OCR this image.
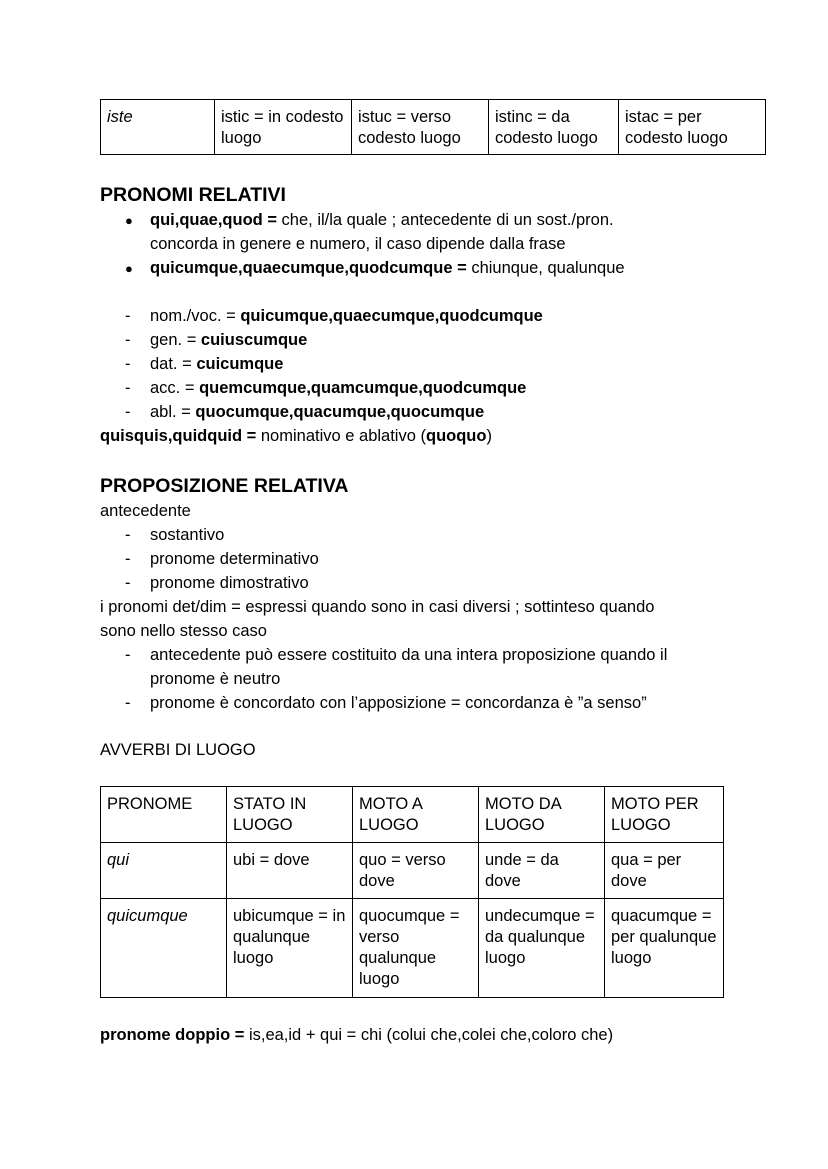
iste	istic = in codesto luogo	istuc = verso codesto luogo	istinc = da codesto luogo	istac = per codesto luogo
PRONOMI RELATIVI
● qui,quae,quod = che, il/la quale ; antecedente di un sost./pron.
concorda in genere e numero, il caso dipende dalla frase
● quicumque,quaecumque,quodcumque = chiunque, qualunque
- nom./voc. = quicumque,quaecumque,quodcumque
- gen. = cuiuscumque
- dat. = cuicumque
- acc. = quemcumque,quamcumque,quodcumque
- abl. = quocumque,quacumque,quocumque
quisquis,quidquid = nominativo e ablativo (quoquo)
PROPOSIZIONE RELATIVA
antecedente
- sostantivo
- pronome determinativo
- pronome dimostrativo
i pronomi det/dim = espressi quando sono in casi diversi ; sottinteso quando
sono nello stesso caso
- antecedente può essere costituito da una intera proposizione quando il
pronome è neutro
- pronome è concordato con l’apposizione = concordanza è ”a senso”
AVVERBI DI LUOGO
PRONOME	STATO IN LUOGO	MOTO A LUOGO	MOTO DA LUOGO	MOTO PER LUOGO
qui	ubi = dove	quo = verso dove	unde = da dove	qua = per dove
quicumque	ubicumque = in qualunque luogo	quocumque = verso qualunque luogo	undecumque = da qualunque luogo	quacumque = per qualunque luogo
pronome doppio = is,ea,id + qui = chi (colui che,colei che,coloro che)
